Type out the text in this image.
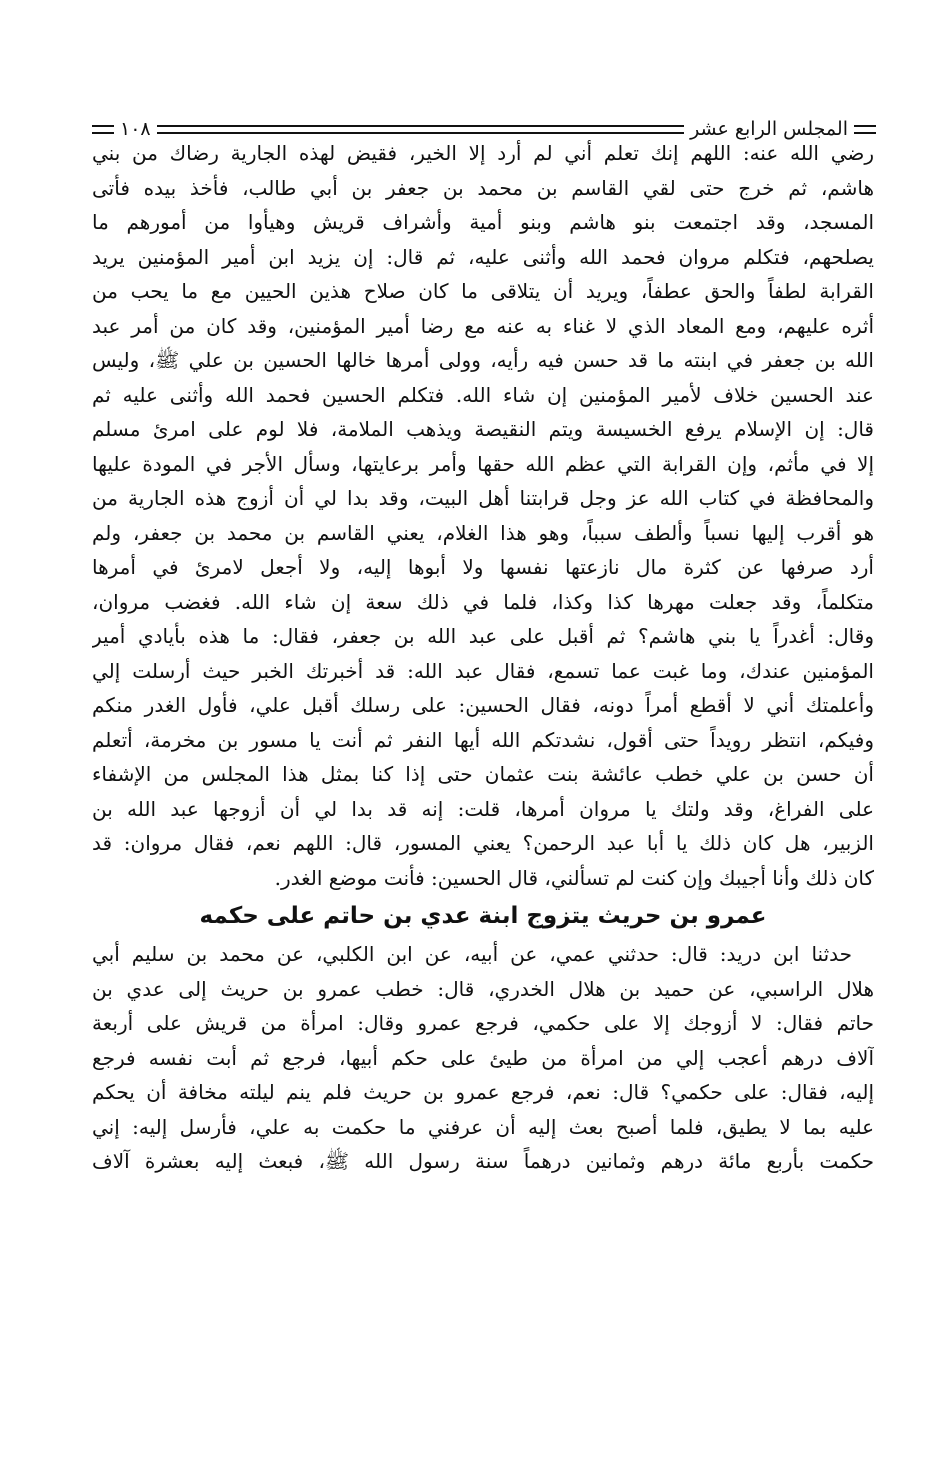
المجلس الرابع عشر
١٠٨
رضي الله عنه: اللهم إنك تعلم أني لم أرد إلا الخير، فقيض لهذه الجارية رضاك من بني
هاشم، ثم خرج حتى لقي القاسم بن محمد بن جعفر بن أبي طالب، فأخذ بيده فأتى
المسجد، وقد اجتمعت بنو هاشم وبنو أمية وأشراف قريش وهيأوا من أمورهم ما
يصلحهم، فتكلم مروان فحمد الله وأثنى عليه، ثم قال: إن يزيد ابن أمير المؤمنين يريد
القرابة لطفاً والحق عطفاً، ويريد أن يتلاقى ما كان صلاح هذين الحيين مع ما يحب من
أثره عليهم، ومع المعاد الذي لا غناء به عنه مع رضا أمير المؤمنين، وقد كان من أمر عبد
الله بن جعفر في ابنته ما قد حسن فيه رأيه، وولى أمرها خالها الحسين بن علي ﷺ، وليس
عند الحسين خلاف لأمير المؤمنين إن شاء الله. فتكلم الحسين فحمد الله وأثنى عليه ثم
قال: إن الإسلام يرفع الخسيسة ويتم النقيصة ويذهب الملامة، فلا لوم على امرئ مسلم
إلا في مأثم، وإن القرابة التي عظم الله حقها وأمر برعايتها، وسأل الأجر في المودة عليها
والمحافظة في كتاب الله عز وجل قرابتنا أهل البيت، وقد بدا لي أن أزوج هذه الجارية من
هو أقرب إليها نسباً وألطف سبباً، وهو هذا الغلام، يعني القاسم بن محمد بن جعفر، ولم
أرد صرفها عن كثرة مال نازعتها نفسها ولا أبوها إليه، ولا أجعل لامرئ في أمرها
متكلماً، وقد جعلت مهرها كذا وكذا، فلما في ذلك سعة إن شاء الله. فغضب مروان،
وقال: أغدراً يا بني هاشم؟ ثم أقبل على عبد الله بن جعفر، فقال: ما هذه بأيادي أمير
المؤمنين عندك، وما غبت عما تسمع، فقال عبد الله: قد أخبرتك الخبر حيث أرسلت إلي
وأعلمتك أني لا أقطع أمراً دونه، فقال الحسين: على رسلك أقبل علي، فأول الغدر منكم
وفيكم، انتظر رويداً حتى أقول، نشدتكم الله أيها النفر ثم أنت يا مسور بن مخرمة، أتعلم
أن حسن بن علي خطب عائشة بنت عثمان حتى إذا كنا بمثل هذا المجلس من الإشفاء
على الفراغ، وقد ولتك يا مروان أمرها، قلت: إنه قد بدا لي أن أزوجها عبد الله بن
الزبير، هل كان ذلك يا أبا عبد الرحمن؟ يعني المسور، قال: اللهم نعم، فقال مروان: قد
كان ذلك وأنا أجيبك وإن كنت لم تسألني، قال الحسين: فأنت موضع الغدر.
عمرو بن حريث يتزوج ابنة عدي بن حاتم على حكمه
حدثنا ابن دريد: قال: حدثني عمي، عن أبيه، عن ابن الكلبي، عن محمد بن سليم أبي
هلال الراسبي، عن حميد بن هلال الخدري، قال: خطب عمرو بن حريث إلى عدي بن
حاتم فقال: لا أزوجك إلا على حكمي، فرجع عمرو وقال: امرأة من قريش على أربعة
آلاف درهم أعجب إلي من امرأة من طيئ على حكم أبيها، فرجع ثم أبت نفسه فرجع
إليه، فقال: على حكمي؟ قال: نعم، فرجع عمرو بن حريث فلم ينم ليلته مخافة أن يحكم
عليه بما لا يطيق، فلما أصبح بعث إليه أن عرفني ما حكمت به علي، فأرسل إليه: إني
حكمت بأربع مائة درهم وثمانين درهماً سنة رسول الله ﷺ، فبعث إليه بعشرة آلاف
